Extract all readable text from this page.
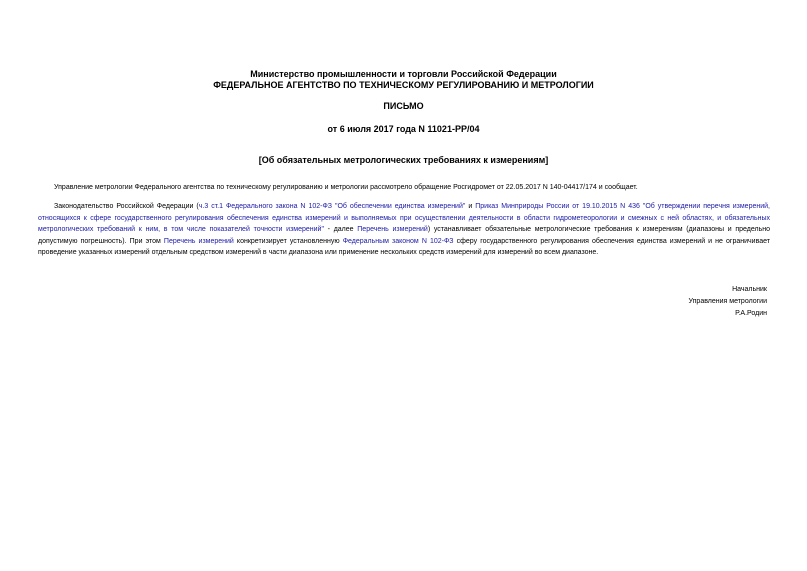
Министерство промышленности и торговли Российской Федерации
ФЕДЕРАЛЬНОЕ АГЕНТСТВО ПО ТЕХНИЧЕСКОМУ РЕГУЛИРОВАНИЮ И МЕТРОЛОГИИ
ПИСЬМО
от 6 июля 2017 года N 11021-РР/04
[Об обязательных метрологических требованиях к измерениям]
Управление метрологии Федерального агентства по техническому регулированию и метрологии рассмотрело обращение Росгидромет от 22.05.2017 N 140-04417/174 и сообщает.
Законодательство Российской Федерации (ч.3 ст.1 Федерального закона N 102-ФЗ "Об обеспечении единства измерений" и Приказ Минприроды России от 19.10.2015 N 436 "Об утверждении перечня измерений, относящихся к сфере государственного регулирования обеспечения единства измерений и выполняемых при осуществлении деятельности в области гидрометеорологии и смежных с ней областях, и обязательных метрологических требований к ним, в том числе показателей точности измерений" - далее Перечень измерений) устанавливает обязательные метрологические требования к измерениям (диапазоны и предельно допустимую погрешность). При этом Перечень измерений конкретизирует установленную Федеральным законом N 102-ФЗ сферу государственного регулирования обеспечения единства измерений и не ограничивает проведение указанных измерений отдельным средством измерений в части диапазона или применение нескольких средств измерений для измерений во всем диапазоне.
Начальник
Управления метрологии
Р.А.Родин
